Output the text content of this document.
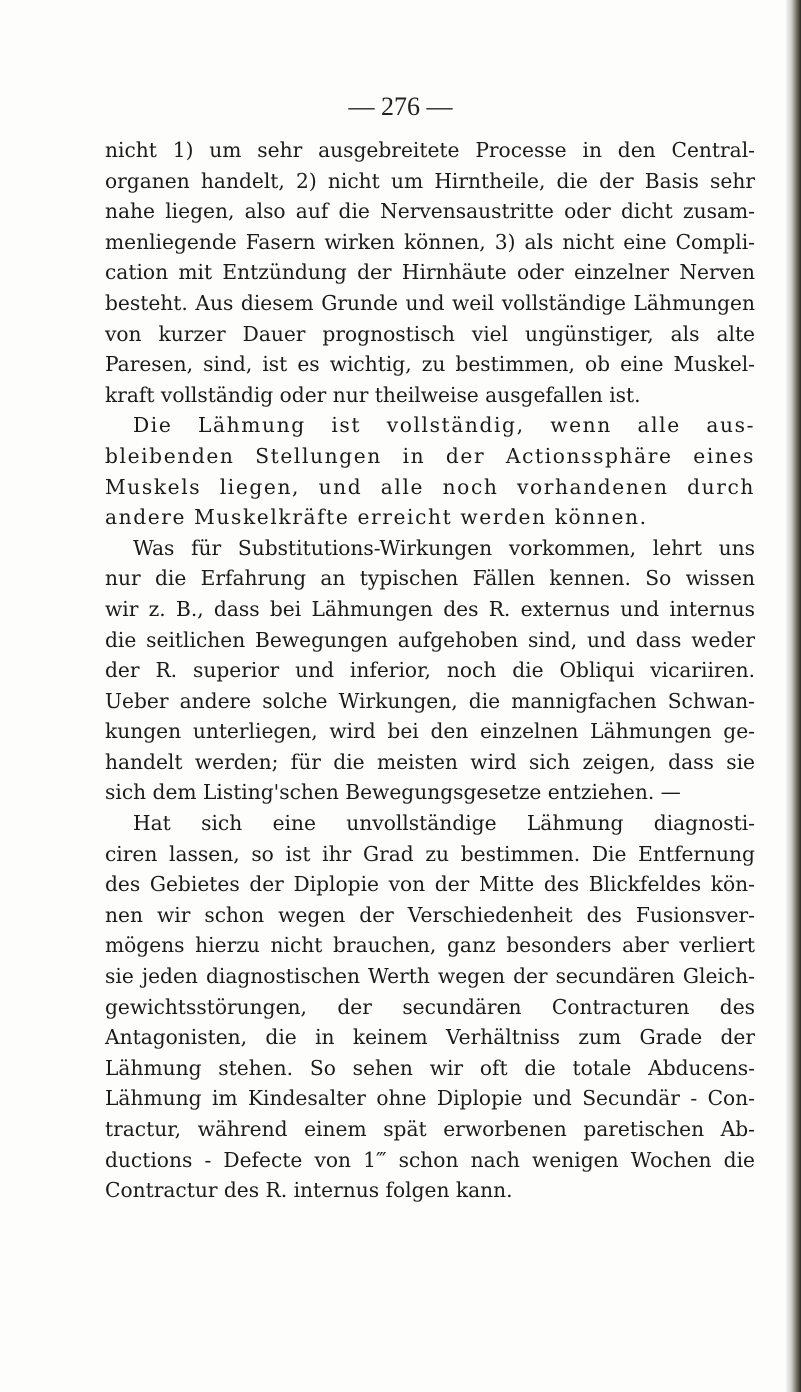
— 276 —
nicht 1) um sehr ausgebreitete Processe in den Central-
organen handelt, 2) nicht um Hirntheile, die der Basis sehr
nahe liegen, also auf die Nervensaustritte oder dicht zusam-
menliegende Fasern wirken können, 3) als nicht eine Compli-
cation mit Entzündung der Hirnhäute oder einzelner Nerven
besteht. Aus diesem Grunde und weil vollständige Lähmungen
von kurzer Dauer prognostisch viel ungünstiger, als alte
Paresen, sind, ist es wichtig, zu bestimmen, ob eine Muskel-
kraft vollständig oder nur theilweise ausgefallen ist.
Die Lähmung ist vollständig, wenn alle aus-
bleibenden Stellungen in der Actionssphäre eines
Muskels liegen, und alle noch vorhandenen durch
andere Muskelkräfte erreicht werden können.
Was für Substitutions-Wirkungen vorkommen, lehrt uns
nur die Erfahrung an typischen Fällen kennen. So wissen
wir z. B., dass bei Lähmungen des R. externus und internus
die seitlichen Bewegungen aufgehoben sind, und dass weder
der R. superior und inferior, noch die Obliqui vicariiren.
Ueber andere solche Wirkungen, die mannigfachen Schwan-
kungen unterliegen, wird bei den einzelnen Lähmungen ge-
handelt werden; für die meisten wird sich zeigen, dass sie
sich dem Listing'schen Bewegungsgesetze entziehen. —
Hat sich eine unvollständige Lähmung diagnosti-
ciren lassen, so ist ihr Grad zu bestimmen. Die Entfernung
des Gebietes der Diplopie von der Mitte des Blickfeldes kön-
nen wir schon wegen der Verschiedenheit des Fusionsver-
mögens hierzu nicht brauchen, ganz besonders aber verliert
sie jeden diagnostischen Werth wegen der secundären Gleich-
gewichtsstörungen, der secundären Contracturen des
Antagonisten, die in keinem Verhältniss zum Grade der
Lähmung stehen. So sehen wir oft die totale Abducens-
Lähmung im Kindesalter ohne Diplopie und Secundär - Con-
tractur, während einem spät erworbenen paretischen Ab-
ductions - Defecte von 1‴ schon nach wenigen Wochen die
Contractur des R. internus folgen kann.
